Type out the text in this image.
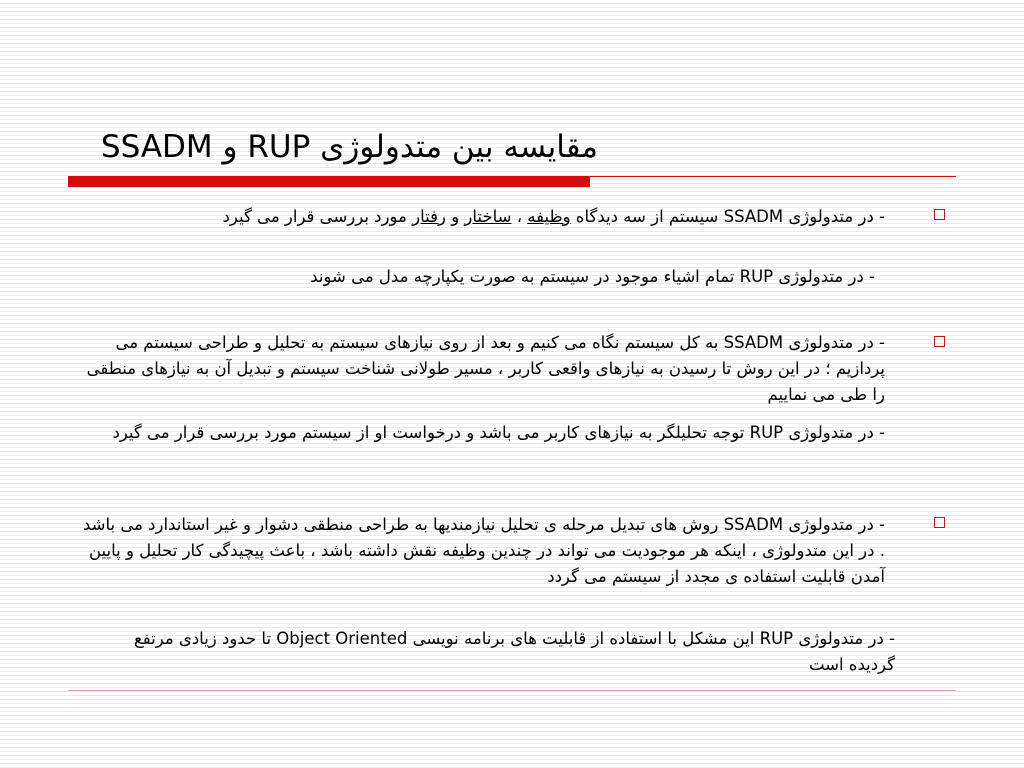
مقایسه بین متدولوژی RUP و SSADM

- در متدولوژی SSADM سیستم از سه دیدگاه وظیفه ، ساختار و رفتار مورد بررسی قرار می گیرد

- در متدولوژی RUP تمام اشیاء موجود در سیستم به صورت یکپارچه مدل می شوند

- در متدولوژی SSADM به کل سیستم نگاه می کنیم و بعد از روی نیازهای سیستم به تحلیل و طراحی سیستم می پردازیم ؛ در این روش تا رسیدن به نیازهای واقعی کاربر ، مسیر طولانی شناخت سیستم و تبدیل آن به نیازهای منطقی را طی می نماییم

- در متدولوژی RUP توجه تحلیلگر به نیازهای کاربر می باشد و درخواست او از سیستم مورد بررسی قرار می گیرد

- در متدولوژی SSADM روش های تبدیل مرحله ی تحلیل نیازمندیها به طراحی منطقی دشوار و غیر استاندارد می باشد . در این متدولوژی ، اینکه هر موجودیت می تواند در چندین وظیفه نقش داشته باشد ، باعث پیچیدگی کار تحلیل و پایین آمدن قابلیت استفاده ی مجدد از سیستم می گردد

- در متدولوژی RUP این مشکل با استفاده از قابلیت های برنامه نویسی Object Oriented تا حدود زیادی مرتفع گردیده است
